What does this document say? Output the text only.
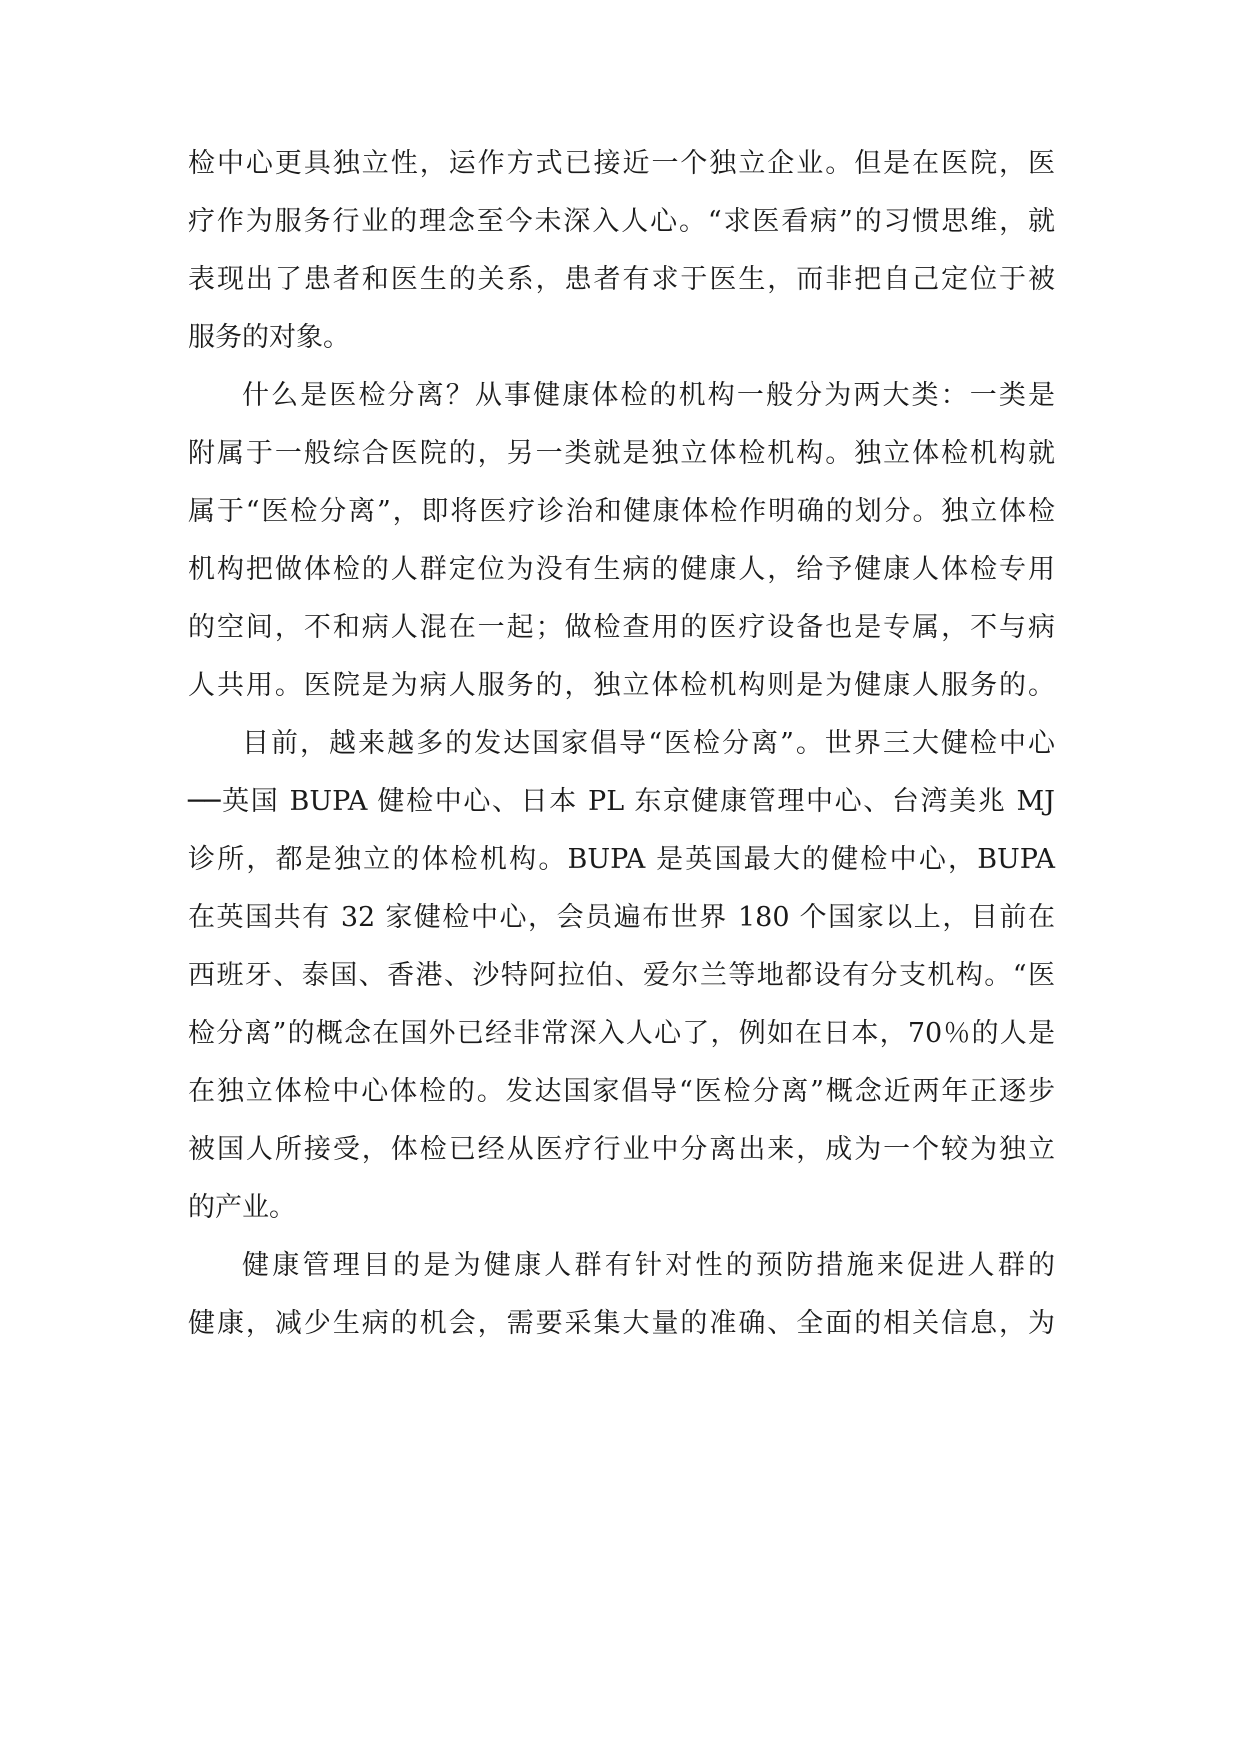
检中心更具独立性，运作方式已接近一个独立企业。但是在医院，医
疗作为服务行业的理念至今未深入人心。“求医看病”的习惯思维，就
表现出了患者和医生的关系，患者有求于医生，而非把自己定位于被
服务的对象。
什么是医检分离？从事健康体检的机构一般分为两大类：一类是
附属于一般综合医院的，另一类就是独立体检机构。独立体检机构就
属于“医检分离”，即将医疗诊治和健康体检作明确的划分。独立体检
机构把做体检的人群定位为没有生病的健康人，给予健康人体检专用
的空间，不和病人混在一起；做检查用的医疗设备也是专属，不与病
人共用。医院是为病人服务的，独立体检机构则是为健康人服务的。
目前，越来越多的发达国家倡导“医检分离”。世界三大健检中心
──英国 BUPA 健检中心、日本 PL 东京健康管理中心、台湾美兆 MJ
诊所，都是独立的体检机构。BUPA 是英国最大的健检中心，BUPA
在英国共有 32 家健检中心，会员遍布世界 180 个国家以上，目前在
西班牙、泰国、香港、沙特阿拉伯、爱尔兰等地都设有分支机构。“医
检分离”的概念在国外已经非常深入人心了，例如在日本，70％的人是
在独立体检中心体检的。发达国家倡导“医检分离”概念近两年正逐步
被国人所接受，体检已经从医疗行业中分离出来，成为一个较为独立
的产业。
健康管理目的是为健康人群有针对性的预防措施来促进人群的
健康，减少生病的机会，需要采集大量的准确、全面的相关信息，为
